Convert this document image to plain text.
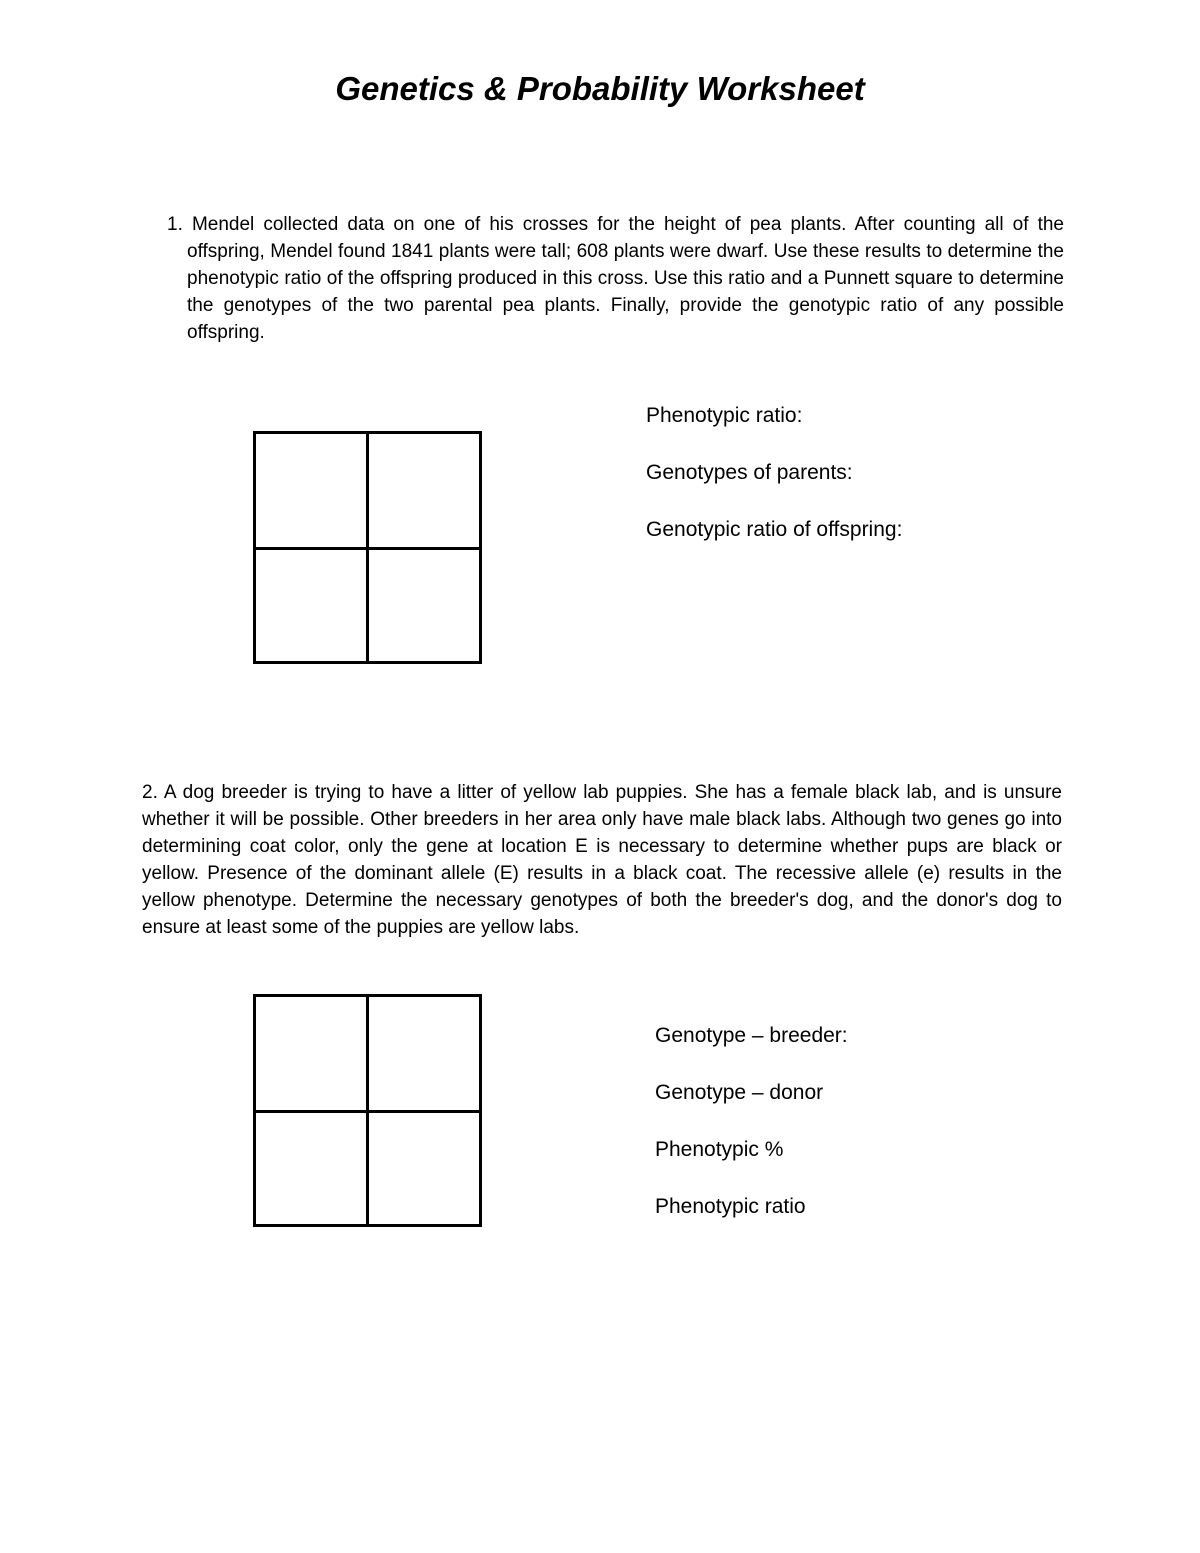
Genetics & Probability Worksheet

1. Mendel collected data on one of his crosses for the height of pea plants. After counting all of the offspring, Mendel found 1841 plants were tall; 608 plants were dwarf. Use these results to determine the phenotypic ratio of the offspring produced in this cross. Use this ratio and a Punnett square to determine the genotypes of the two parental pea plants. Finally, provide the genotypic ratio of any possible offspring.

Phenotypic ratio:
Genotypes of parents:
Genotypic ratio of offspring:

2. A dog breeder is trying to have a litter of yellow lab puppies. She has a female black lab, and is unsure whether it will be possible. Other breeders in her area only have male black labs. Although two genes go into determining coat color, only the gene at location E is necessary to determine whether pups are black or yellow. Presence of the dominant allele (E) results in a black coat. The recessive allele (e) results in the yellow phenotype. Determine the necessary genotypes of both the breeder's dog, and the donor's dog to ensure at least some of the puppies are yellow labs.

Genotype – breeder:
Genotype – donor
Phenotypic %
Phenotypic ratio
